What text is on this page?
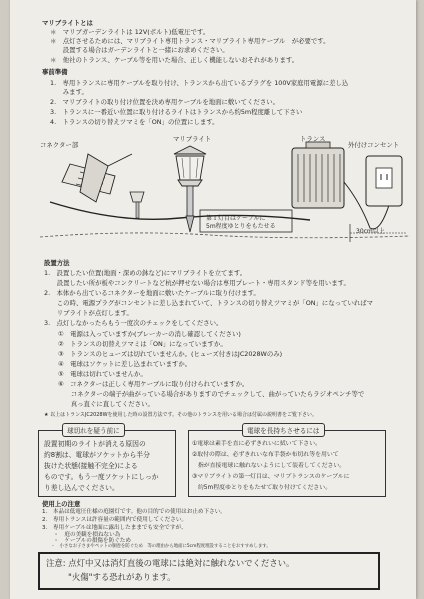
マリブライトとは
＊　マリブガーデンライトは 12V(ボルト)低電圧です。
＊　点灯させるためには、マリブライト専用トランス・マリブライト専用ケーブル　が必要です。
　　設置する場合はガーデンライトと一緒にお求めください。
＊　他社のトランス、ケーブル等を用いた場合、正しく機能しないおそれがあります。
事前準備
1.　専用トランスに専用ケーブルを取り付け、トランスから出ているプラグを 100V家庭用電源に差し込
　　みます。
2.　マリブライトの取り付け位置を決め専用ケーブルを地面に敷いてください。
3.　トランスに一番近い位置に取り付けるライトはトランスから約5m程度離して下さい
4.　トランスの切り替えツマミを「ON」の位置にします。
コネクター部
マリブライト	トランス
外付けコンセント
第１灯目はケーブルに
5m程度ゆとりをもたせる
30cm以上
設置方法
1.　設置したい位置(地面・深めの鉢など)にマリブライトを立てます。
　　設置したい所が板やコンクリートなど杭が押せない場合は専用プレート・専用スタンド等を用います。
2.　本体から出ているコネクターを地面に敷いたケーブルに取り付けます。
　　この時、電源プラグがコンセントに差し込まれていて、トランスの切り替えツマミが「ON」になっていればマ
　　リブライトが点灯します。
3.　点灯しなかったらもう一度次のチェックをしてください。
①　電源は入っていますか(ブレーカーの消し確認してください)
②　トランスの切替えツマミは「ON」になっていますか。
③　トランスのヒューズは切れていませんか。(ヒューズ付きはJC2028Wのみ)
④　電球はソケットに差し込まれていますか。
⑤　電球は切れていませんか。
⑥　コネクターは正しく専用ケーブルに取り付けられていますか。
　　コネクターの端子が曲がっている場合がありますのでチェックして、曲がっていたらラジオペンチ等で
　　真っ直ぐに直してください。
★ 以上はトランスJC2028Wを使用した時の設置方法です。その他のトランスを用いる場合は付属の説明書をご覧下さい。
球切れを疑う前に
設置初期のライトが消える原因の
約8割は、電球がソケットから半分
抜けた状態(接触不完全)による
ものです。もう一度ソケットにしっか
り差し込んでください。
電球を長持ちさせるには
①電球は素手を直に必ずきれいに拭いて下さい。
②取付の際は、必ずきれいな布手袋か布切れ等を用いて
　指が直接電球に触れないようにして装着してください。
③マリブライトの第一灯目は、マリブトランスのケーブルに
　約5m程度ゆとりをもたせて取り付けてください。
使用上の注意
1.　本品は低電圧仕様の庭園灯です。他の目的での使用はお止め下さい。
2.　専用トランスは許容量の範囲内で使用してください。
3.　専用ケーブルは地面に露出したままでも安全ですが、
　　・　庭の美観を損ねない為
　　・　ケーブルの損傷を防ぐため
　　・　小さなお子さまやペットの胴巻を防ぐため　等の理由から地面に5cm程度埋設することをおすすめします。
注意: 点灯中又は消灯直後の電球には絶対に触れないでください。
"火傷"する恐れがあります。
